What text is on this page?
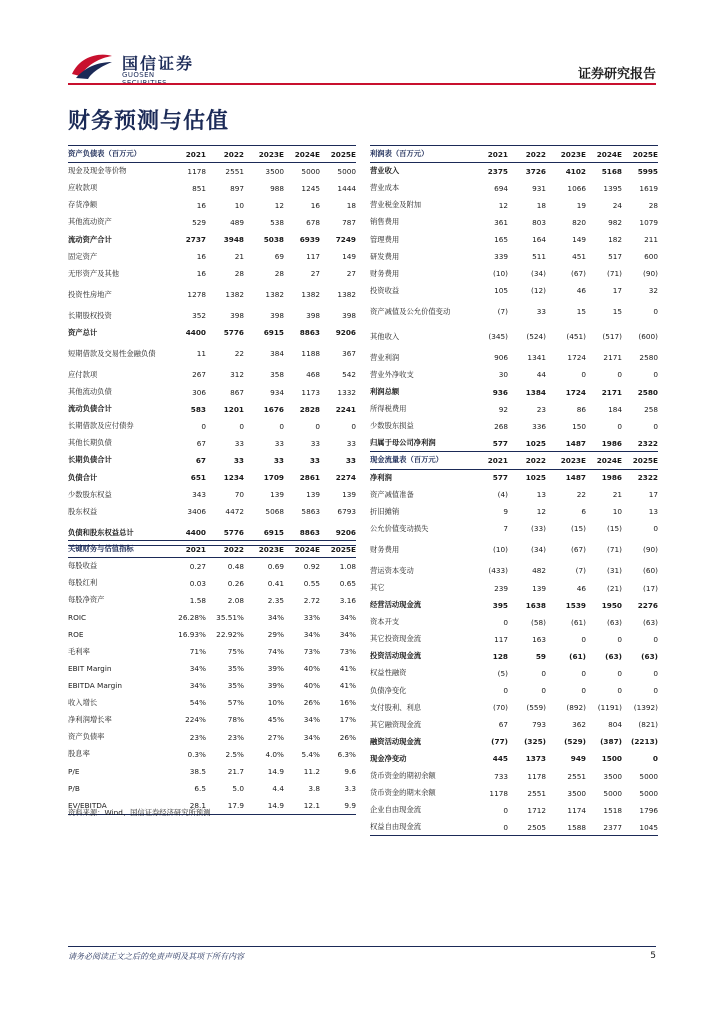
国信证券
GUOSEN	证券研究报告
财务预测与估值
资产负债表（百万元）	2021	2022	2023E	2024E	2025E
现金及现金等价物	1178	2551	3500	5000	5000
应收款项	851	897	988	1245	1444
存货净额	16	10	12	16	18
其他流动资产	529	489	538	678	787
流动资产合计	2737	3948	5038	6939	7249
固定资产	16	21	69	117	149
无形资产及其他	16	28	28	27	27
投资性房地产	1278	1382	1382	1382	1382
长期股权投资	352	398	398	398	398
资产总计	4400	5776	6915	8863	9206
短期借款及交易性金融负债	11	22	384	1188	367
应付款项	267	312	358	468	542
其他流动负债	306	867	934	1173	1332
流动负债合计	583	1201	1676	2828	2241
长期借款及应付债券	0	0	0	0	0
其他长期负债	67	33	33	33	33
长期负债合计	67	33	33	33	33
负债合计	651	1234	1709	2861	2274
少数股东权益	343	70	139	139	139
股东权益	3406	4472	5068	5863	6793
负债和股东权益总计	4400	5776	6915	8863	9206
利润表（百万元）	2021	2022	2023E	2024E	2025E
营业收入	2375	3726	4102	5168	5995
营业成本	694	931	1066	1395	1619
营业税金及附加	12	18	19	24	28
销售费用	361	803	820	982	1079
管理费用	165	164	149	182	211
研发费用	339	511	451	517	600
财务费用	(10)	(34)	(67)	(71)	(90)
投资收益	105	(12)	46	17	32
资产减值及公允价值变动	(7)	33	15	15	0
其他收入	(345)	(524)	(451)	(517)	(600)
营业利润	906	1341	1724	2171	2580
营业外净收支	30	44	0	0	0
利润总额	936	1384	1724	2171	2580
所得税费用	92	23	86	184	258
少数股东损益	268	336	150	0	0
归属于母公司净利润	577	1025	1487	1986	2322
现金流量表（百万元）	2021	2022	2023E	2024E	2025E
净利润	577	1025	1487	1986	2322
资产减值准备	(4)	13	22	21	17
折旧摊销	9	12	6	10	13
公允价值变动损失	7	(33)	(15)	(15)	0
财务费用	(10)	(34)	(67)	(71)	(90)
营运资本变动	(433)	482	(7)	(31)	(60)
其它	239	139	46	(21)	(17)
经营活动现金流	395	1638	1539	1950	2276
资本开支	0	(58)	(61)	(63)	(63)
其它投资现金流	117	163	0	0	0
投资活动现金流	128	59	(61)	(63)	(63)
权益性融资	(5)	0	0	0	0
负债净变化	0	0	0	0	0
支付股利、利息	(70)	(559)	(892)	(1191)	(1392)
其它融资现金流	67	793	362	804	(821)
融资活动现金流	(77)	(325)	(529)	(387)	(2213)
现金净变动	445	1373	949	1500	0
货币资金的期初余额	733	1178	2551	3500	5000
货币资金的期末余额	1178	2551	3500	5000	5000
企业自由现金流	0	1712	1174	1518	1796
权益自由现金流	0	2505	1588	2377	1045
关键财务与估值指标	2021	2022	2023E	2024E	2025E
每股收益	0.27	0.48	0.69	0.92	1.08
每股红利	0.03	0.26	0.41	0.55	0.65
每股净资产	1.58	2.08	2.35	2.72	3.16
ROIC	26.28%	35.51%	34%	33%	34%
ROE	16.93%	22.92%	29%	34%	34%
毛利率	71%	75%	74%	73%	73%
EBIT Margin	34%	35%	39%	40%	41%
EBITDA Margin	34%	35%	39%	40%	41%
收入增长	54%	57%	10%	26%	16%
净利润增长率	224%	78%	45%	34%	17%
资产负债率	23%	23%	27%	34%	26%
股息率	0.3%	2.5%	4.0%	5.4%	6.3%
P/E	38.5	21.7	14.9	11.2	9.6
P/B	6.5	5.0	4.4	3.8	3.3
EV/EBITDA	28.1	17.9	14.9	12.1	9.9
资料来源：Wind、国信证券经济研究所预测
请务必阅读正文之后的免责声明及其项下所有内容	5
